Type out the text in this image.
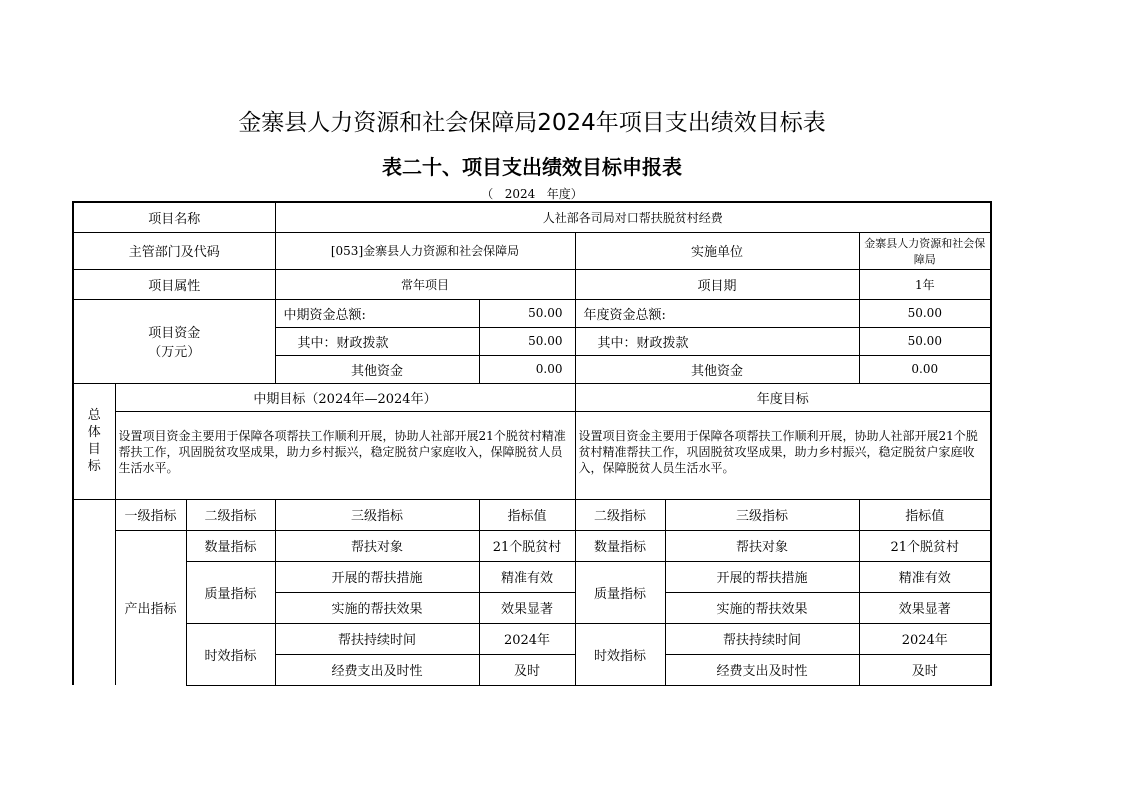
金寨县人力资源和社会保障局2024年项目支出绩效目标表
表二十、项目支出绩效目标申报表
（   2024   年度）
项目名称			人社部各司局对口帮扶脱贫村经费				
主管部门及代码			[053]金寨县人力资源和社会保障局		实施单位		金寨县人力资源和社会保障局
项目属性			常年项目		项目期		1年

项目资金
（万元）			中期资金总额:	50.00	年度资金总额:		50.00
			其中：财政拨款	50.00	其中：财政拨款		50.00
			其他资金	0.00	其他资金		0.00

总
体
目
标	中期目标（2024年—2024年）				年度目标		
	设置项目资金主要用于保障各项帮扶工作顺利开展，协助人社部开展21个脱贫村精准帮扶工作，巩固脱贫攻坚成果，助力乡村振兴，稳定脱贫户家庭收入，保障脱贫人员生活水平。				设置项目资金主要用于保障各项帮扶工作顺利开展，协助人社部开展21个脱贫村精准帮扶工作，巩固脱贫攻坚成果，助力乡村振兴，稳定脱贫户家庭收入，保障脱贫人员生活水平。		
	一级指标	二级指标	三级指标	指标值	二级指标	三级指标	指标值
	产出指标	数量指标	帮扶对象	21个脱贫村	数量指标	帮扶对象	21个脱贫村
		质量指标	开展的帮扶措施	精准有效	质量指标	开展的帮扶措施	精准有效
			实施的帮扶效果	效果显著		实施的帮扶效果	效果显著
		时效指标	帮扶持续时间	2024年	时效指标	帮扶持续时间	2024年
			经费支出及时性	及时		经费支出及时性	及时
